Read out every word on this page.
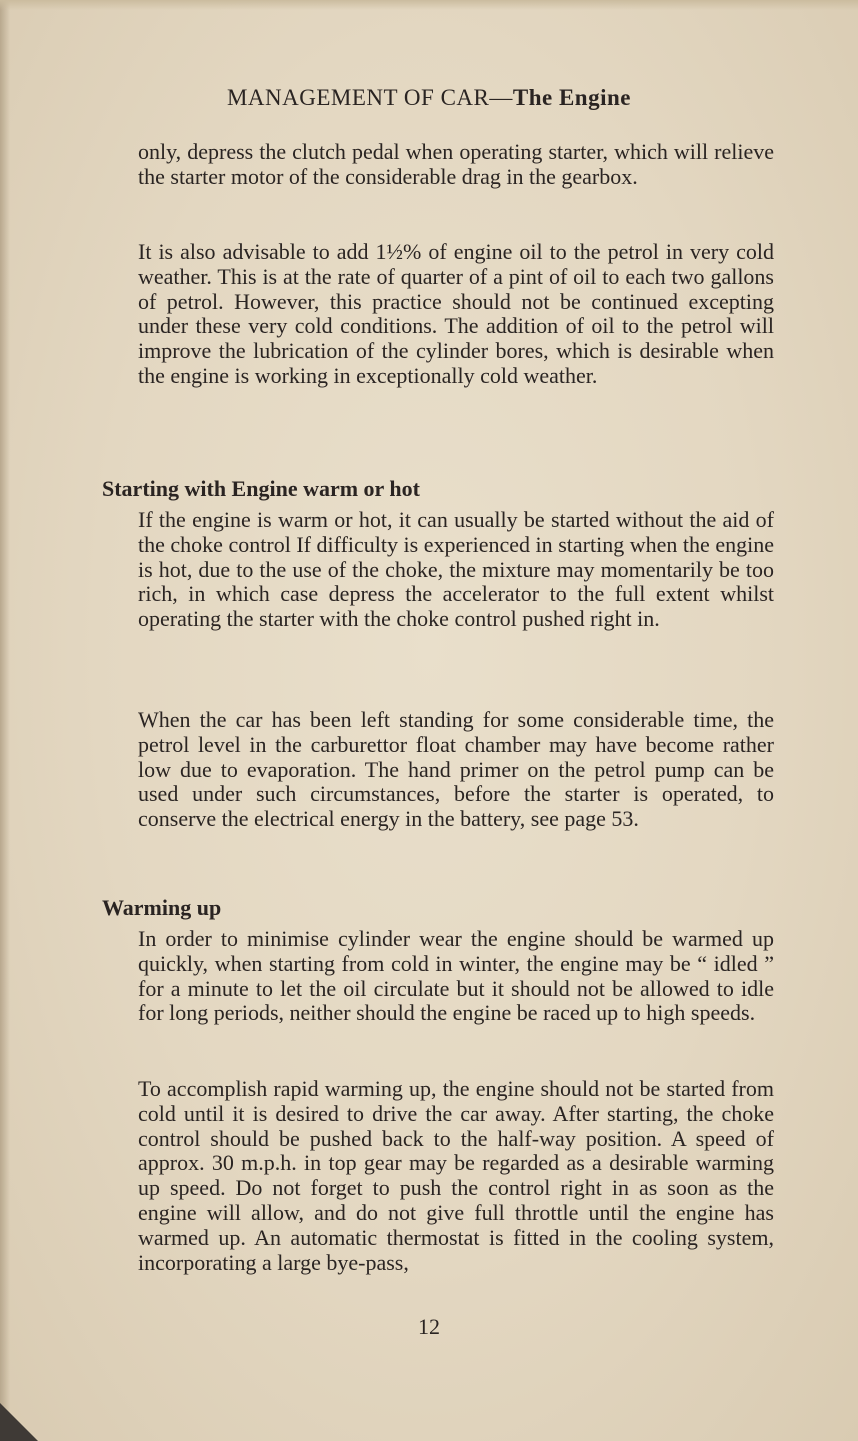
MANAGEMENT OF CAR—The Engine

only, depress the clutch pedal when operating starter, which will relieve the starter motor of the considerable drag in the gearbox.

It is also advisable to add 1½% of engine oil to the petrol in very cold weather. This is at the rate of quarter of a pint of oil to each two gallons of petrol. However, this practice should not be continued excepting under these very cold conditions. The addition of oil to the petrol will improve the lubrication of the cylinder bores, which is desirable when the engine is working in exceptionally cold weather.

Starting with Engine warm or hot

If the engine is warm or hot, it can usually be started without the aid of the choke control If difficulty is experienced in starting when the engine is hot, due to the use of the choke, the mixture may momentarily be too rich, in which case depress the accelerator to the full extent whilst operating the starter with the choke control pushed right in.

When the car has been left standing for some considerable time, the petrol level in the carburettor float chamber may have become rather low due to evaporation. The hand primer on the petrol pump can be used under such circumstances, before the starter is operated, to conserve the electrical energy in the battery, see page 53.

Warming up

In order to minimise cylinder wear the engine should be warmed up quickly, when starting from cold in winter, the engine may be “ idled ” for a minute to let the oil circulate but it should not be allowed to idle for long periods, neither should the engine be raced up to high speeds.

To accomplish rapid warming up, the engine should not be started from cold until it is desired to drive the car away. After starting, the choke control should be pushed back to the half-way position. A speed of approx. 30 m.p.h. in top gear may be regarded as a desirable warming up speed. Do not forget to push the control right in as soon as the engine will allow, and do not give full throttle until the engine has warmed up. An automatic thermostat is fitted in the cooling system, incorporating a large bye-pass,

12
